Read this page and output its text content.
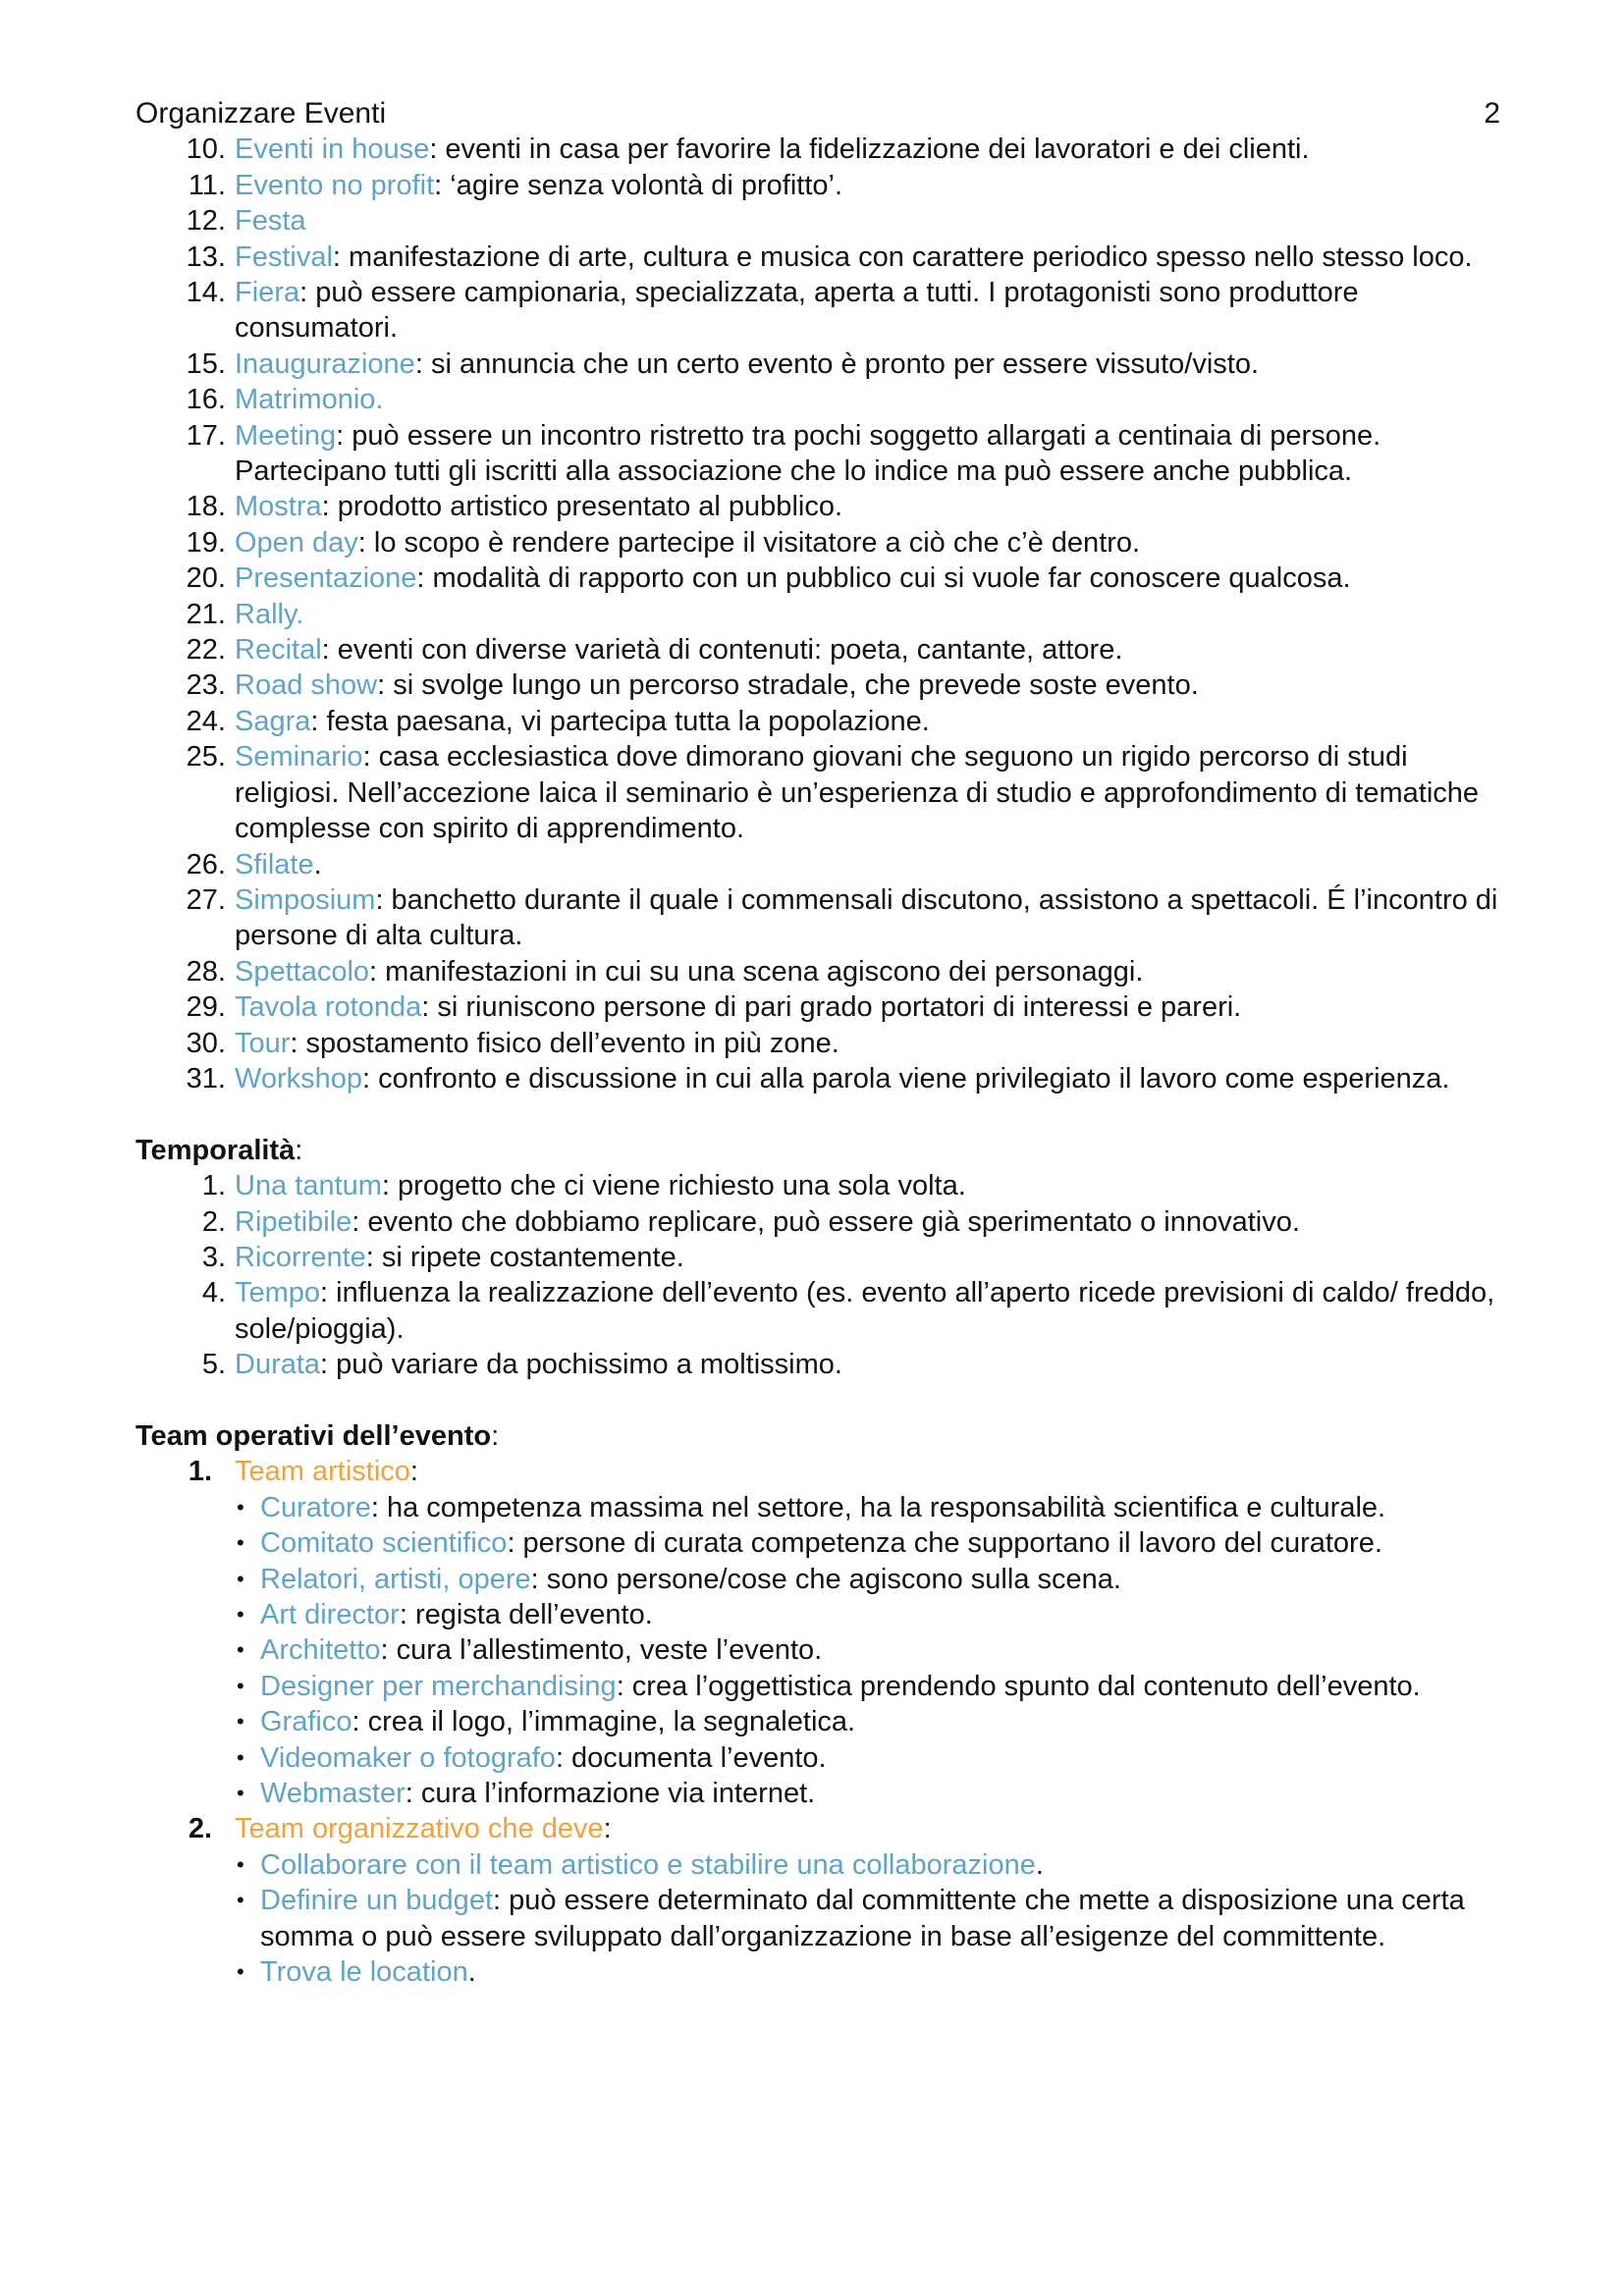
Organizzare Eventi	2
10. Eventi in house: eventi in casa per favorire la fidelizzazione dei lavoratori e dei clienti.
11. Evento no profit: ‘agire senza volontà di profitto’.
12. Festa
13. Festival: manifestazione di arte, cultura e musica con carattere periodico spesso nello stesso loco.
14. Fiera: può essere campionaria, specializzata, aperta a tutti. I protagonisti sono produttore consumatori.
15. Inaugurazione: si annuncia che un certo evento è pronto per essere vissuto/visto.
16. Matrimonio.
17. Meeting: può essere un incontro ristretto tra pochi soggetto allargati a centinaia di persone. Partecipano tutti gli iscritti alla associazione che lo indice ma può essere anche pubblica.
18. Mostra: prodotto artistico presentato al pubblico.
19. Open day: lo scopo è rendere partecipe il visitatore a ciò che c’è dentro.
20. Presentazione: modalità di rapporto con un pubblico cui si vuole far conoscere qualcosa.
21. Rally.
22. Recital: eventi con diverse varietà di contenuti: poeta, cantante, attore.
23. Road show: si svolge lungo un percorso stradale, che prevede soste evento.
24. Sagra: festa paesana, vi partecipa tutta la popolazione.
25. Seminario: casa ecclesiastica dove dimorano giovani che seguono un rigido percorso di studi religiosi. Nell’accezione laica il seminario è un’esperienza di studio e approfondimento di tematiche complesse con spirito di apprendimento.
26. Sfilate.
27. Simposium: banchetto durante il quale i commensali discutono, assistono a spettacoli. É l’incontro di persone di alta cultura.
28. Spettacolo: manifestazioni in cui su una scena agiscono dei personaggi.
29. Tavola rotonda: si riuniscono persone di pari grado portatori di interessi e pareri.
30. Tour: spostamento fisico dell’evento in più zone.
31. Workshop: confronto e discussione in cui alla parola viene privilegiato il lavoro come esperienza.
Temporalità:
1. Una tantum: progetto che ci viene richiesto una sola volta.
2. Ripetibile: evento che dobbiamo replicare, può essere già sperimentato o innovativo.
3. Ricorrente: si ripete costantemente.
4. Tempo: influenza la realizzazione dell’evento (es. evento all’aperto ricede previsioni di caldo/ freddo, sole/pioggia).
5. Durata: può variare da pochissimo a moltissimo.
Team operativi dell’evento:
1. Team artistico:
• Curatore: ha competenza massima nel settore, ha la responsabilità scientifica e culturale.
• Comitato scientifico: persone di curata competenza che supportano il lavoro del curatore.
• Relatori, artisti, opere: sono persone/cose che agiscono sulla scena.
• Art director: regista dell’evento.
• Architetto: cura l’allestimento, veste l’evento.
• Designer per merchandising: crea l’oggettistica prendendo spunto dal contenuto dell’evento.
• Grafico: crea il logo, l’immagine, la segnaletica.
• Videomaker o fotografo: documenta l’evento.
• Webmaster: cura l’informazione via internet.
2. Team organizzativo che deve:
• Collaborare con il team artistico e stabilire una collaborazione.
• Definire un budget: può essere determinato dal committente che mette a disposizione una certa somma o può essere sviluppato dall’organizzazione in base all’esigenze del committente.
• Trova le location.
